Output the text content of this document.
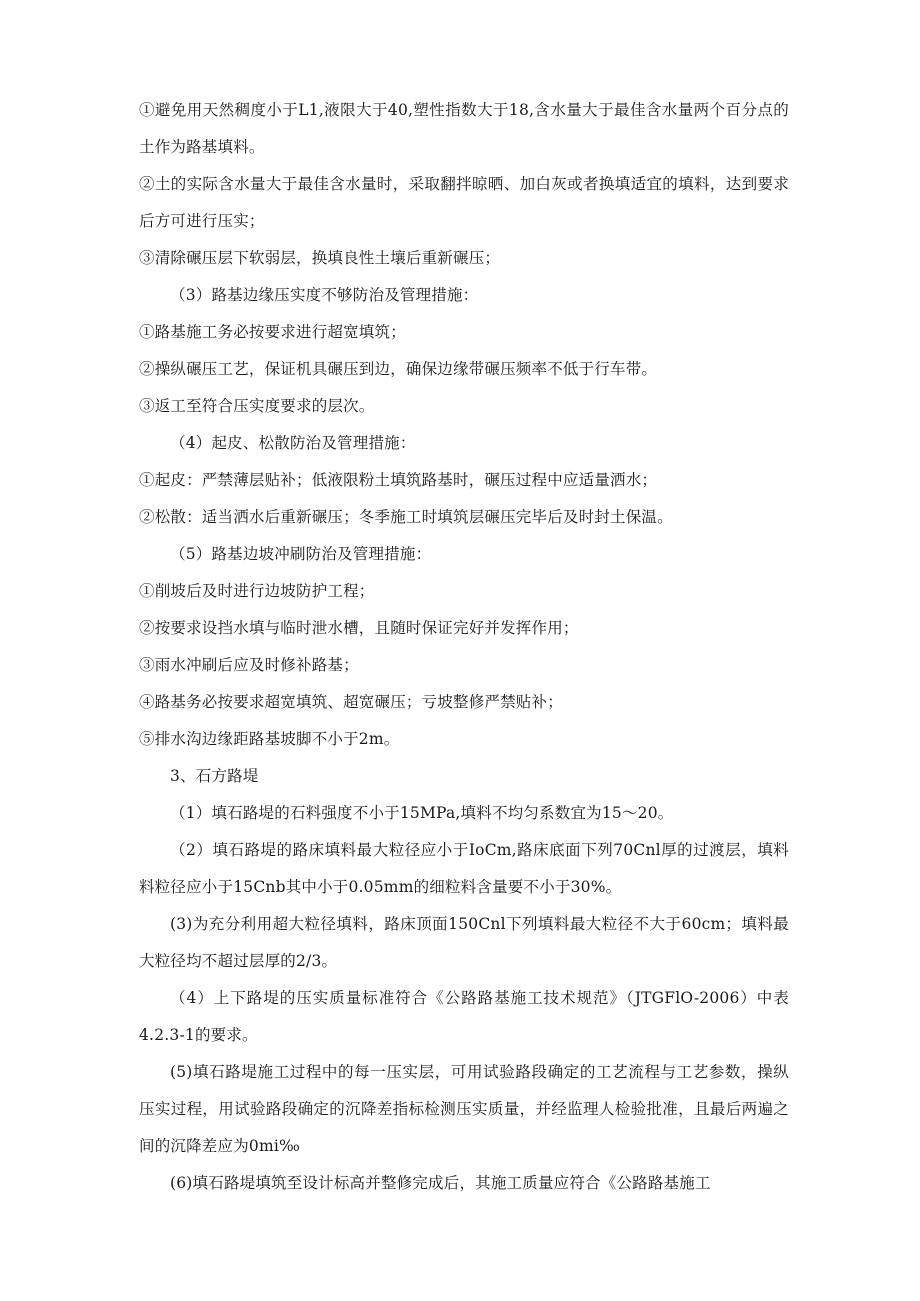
①避免用天然稠度小于L1,液限大于40,塑性指数大于18,含水量大于最佳含水量两个百分点的土作为路基填料。

②土的实际含水量大于最佳含水量时，采取翻拌晾晒、加白灰或者换填适宜的填料，达到要求后方可进行压实；

③清除碾压层下软弱层，换填良性土壤后重新碾压；

（3）路基边缘压实度不够防治及管理措施：

①路基施工务必按要求进行超宽填筑；

②操纵碾压工艺，保证机具碾压到边，确保边缘带碾压频率不低于行车带。

③返工至符合压实度要求的层次。

（4）起皮、松散防治及管理措施：

①起皮：严禁薄层贴补；低液限粉土填筑路基时，碾压过程中应适量洒水；

②松散：适当洒水后重新碾压；冬季施工时填筑层碾压完毕后及时封土保温。

（5）路基边坡冲刷防治及管理措施：

①削坡后及时进行边坡防护工程；

②按要求设挡水填与临时泄水槽，且随时保证完好并发挥作用；

③雨水冲刷后应及时修补路基；

④路基务必按要求超宽填筑、超宽碾压；亏坡整修严禁贴补；

⑤排水沟边缘距路基坡脚不小于2m。

3、石方路堤

（1）填石路堤的石料强度不小于15MPa,填料不均匀系数宜为15～20。

（2）填石路堤的路床填料最大粒径应小于IoCm,路床底面下列70Cnl厚的过渡层，填料料粒径应小于15Cnb其中小于0.05mm的细粒料含量要不小于30%。

(3)为充分利用超大粒径填料，路床顶面150Cnl下列填料最大粒径不大于60cm；填料最大粒径均不超过层厚的2/3。

（4）上下路堤的压实质量标准符合《公路路基施工技术规范》（JTGFlO-2006）中表4.2.3-1的要求。

(5)填石路堤施工过程中的每一压实层，可用试验路段确定的工艺流程与工艺参数，操纵压实过程，用试验路段确定的沉降差指标检测压实质量，并经监理人检验批准，且最后两遍之间的沉降差应为0mi‰

(6)填石路堤填筑至设计标高并整修完成后，其施工质量应符合《公路路基施工
